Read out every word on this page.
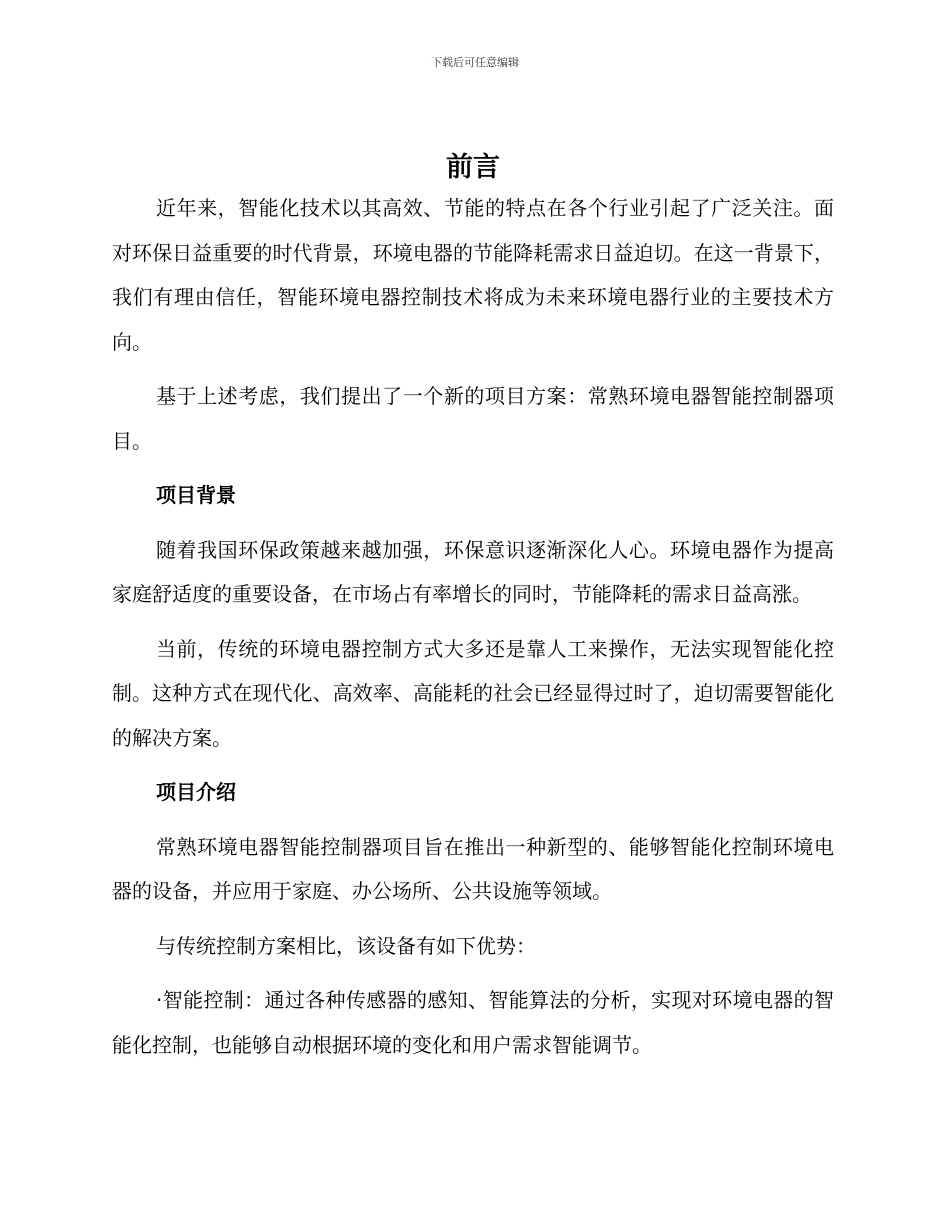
下载后可任意编辑
前言

近年来，智能化技术以其高效、节能的特点在各个行业引起了广泛关注。面对环保日益重要的时代背景，环境电器的节能降耗需求日益迫切。在这一背景下，我们有理由信任，智能环境电器控制技术将成为未来环境电器行业的主要技术方向。

基于上述考虑，我们提出了一个新的项目方案：常熟环境电器智能控制器项目。

项目背景

随着我国环保政策越来越加强，环保意识逐渐深化人心。环境电器作为提高家庭舒适度的重要设备，在市场占有率增长的同时，节能降耗的需求日益高涨。

当前，传统的环境电器控制方式大多还是靠人工来操作，无法实现智能化控制。这种方式在现代化、高效率、高能耗的社会已经显得过时了，迫切需要智能化的解决方案。

项目介绍

常熟环境电器智能控制器项目旨在推出一种新型的、能够智能化控制环境电器的设备，并应用于家庭、办公场所、公共设施等领域。

与传统控制方案相比，该设备有如下优势：

·智能控制：通过各种传感器的感知、智能算法的分析，实现对环境电器的智能化控制，也能够自动根据环境的变化和用户需求智能调节。
